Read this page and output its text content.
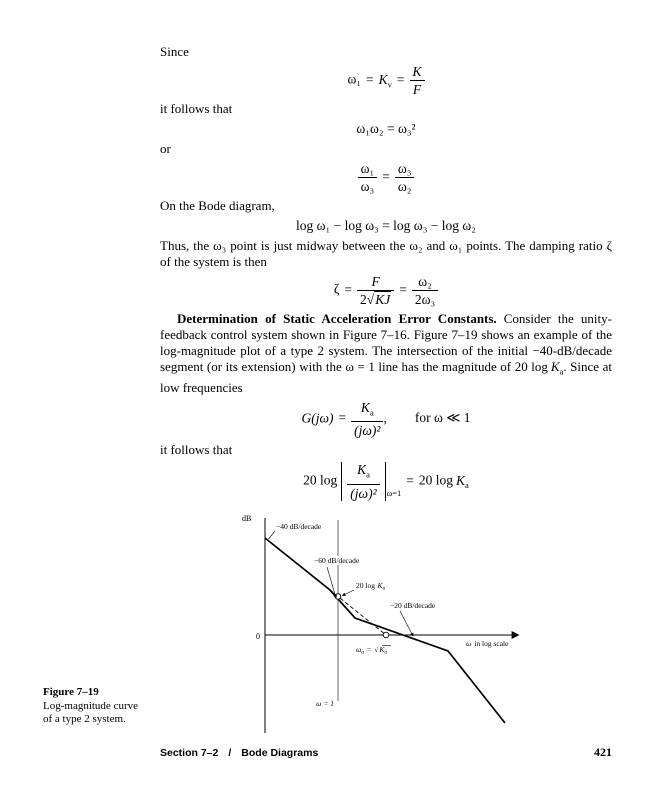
Since

$\omega_1 = K_v = \frac{K}{F}$

it follows that

ω₁ω₂ = ω₃²

or

$\frac{\text{ω₁}}{\text{ω₃}} = \frac{\text{ω₃}}{\text{ω₂}}$

On the Bode diagram,

log ω₁ − log ω₃ = log ω₃ − log ω₂

Thus, the ω₃ point is just midway between the ω₂ and ω₁ points. The damping ratio ζ of the system is then

$\zeta = \frac{F}{2√KJ} = \frac{\text{ω₂}}{\text{2ω₃}}$

Determination of Static Acceleration Error Constants. Consider the unity-feedback control system shown in Figure 7–16. Figure 7–19 shows an example of the log-magnitude plot of a type 2 system. The intersection of the initial −40-dB/decade segment (or its extension) with the ω = 1 line has the magnitude of 20 $\log K_a$. Since at low frequencies

$G(j\omega) = \frac{K_a}{\text{(jω)²}}$ , for ω ≪ 1

it follows that

20 $\log \frac{K_a}{\text{(jω)²}} _{\omega=1}= 20$ $\log K_a$
Figure 7–19
Log-magnitude curve
of a type 2 system.
dB
0
−40 dB/decade
−60 dB/decade
20 $\log K_a$
−20 dB/decade
$\omega_a = √K_a$
ω = 1
ω in log scale
Section 7–2 / Bode Diagrams	421
